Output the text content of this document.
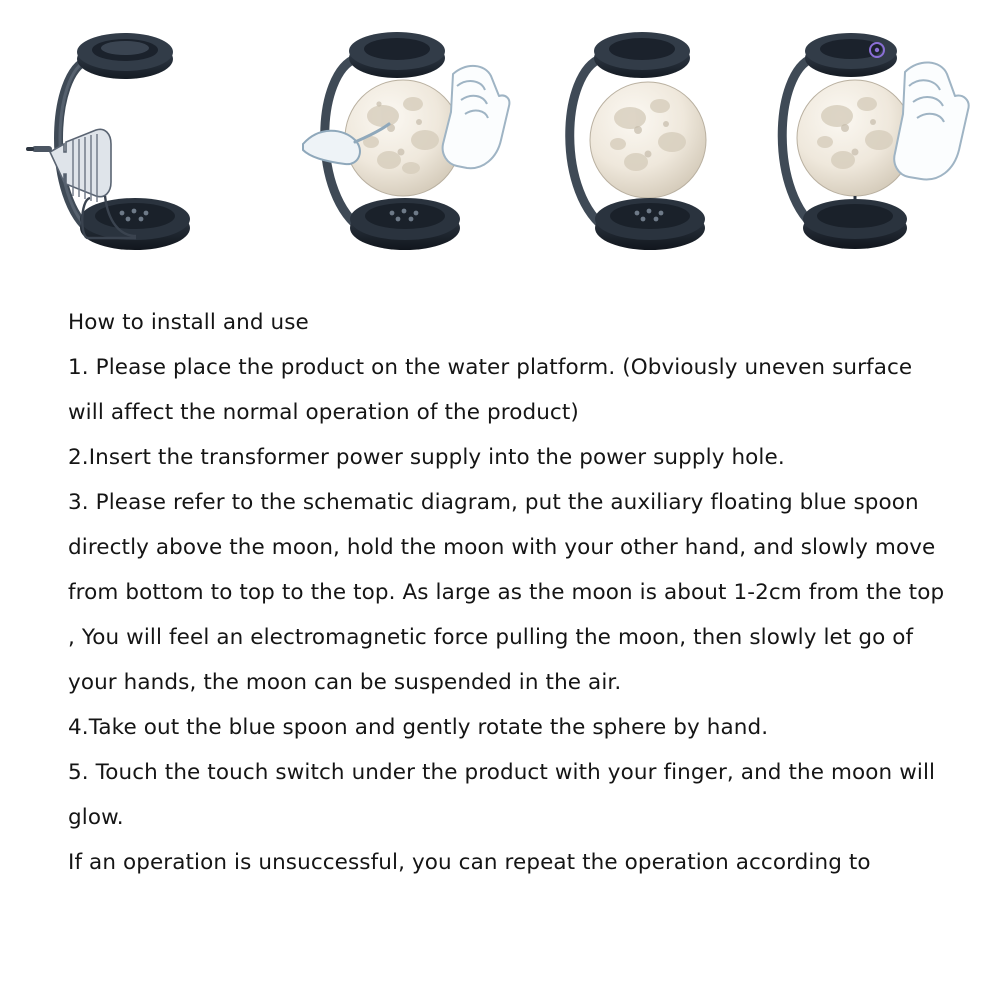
How to install and use

1. Please place the product on the water platform. (Obviously uneven surface will affect the normal operation of the product)

2.Insert the transformer power supply into the power supply hole.

3. Please refer to the schematic diagram, put the auxiliary floating blue spoon directly above the moon, hold the moon with your other hand, and slowly move from bottom to top to the top. As large as the moon is about 1-2cm from the top , You will feel an electromagnetic force pulling the moon, then slowly let go of your hands, the moon can be suspended in the air.

4.Take out the blue spoon and gently rotate the sphere by hand.

5. Touch the touch switch under the product with your finger, and the moon will glow.

If an operation is unsuccessful, you can repeat the operation according to
